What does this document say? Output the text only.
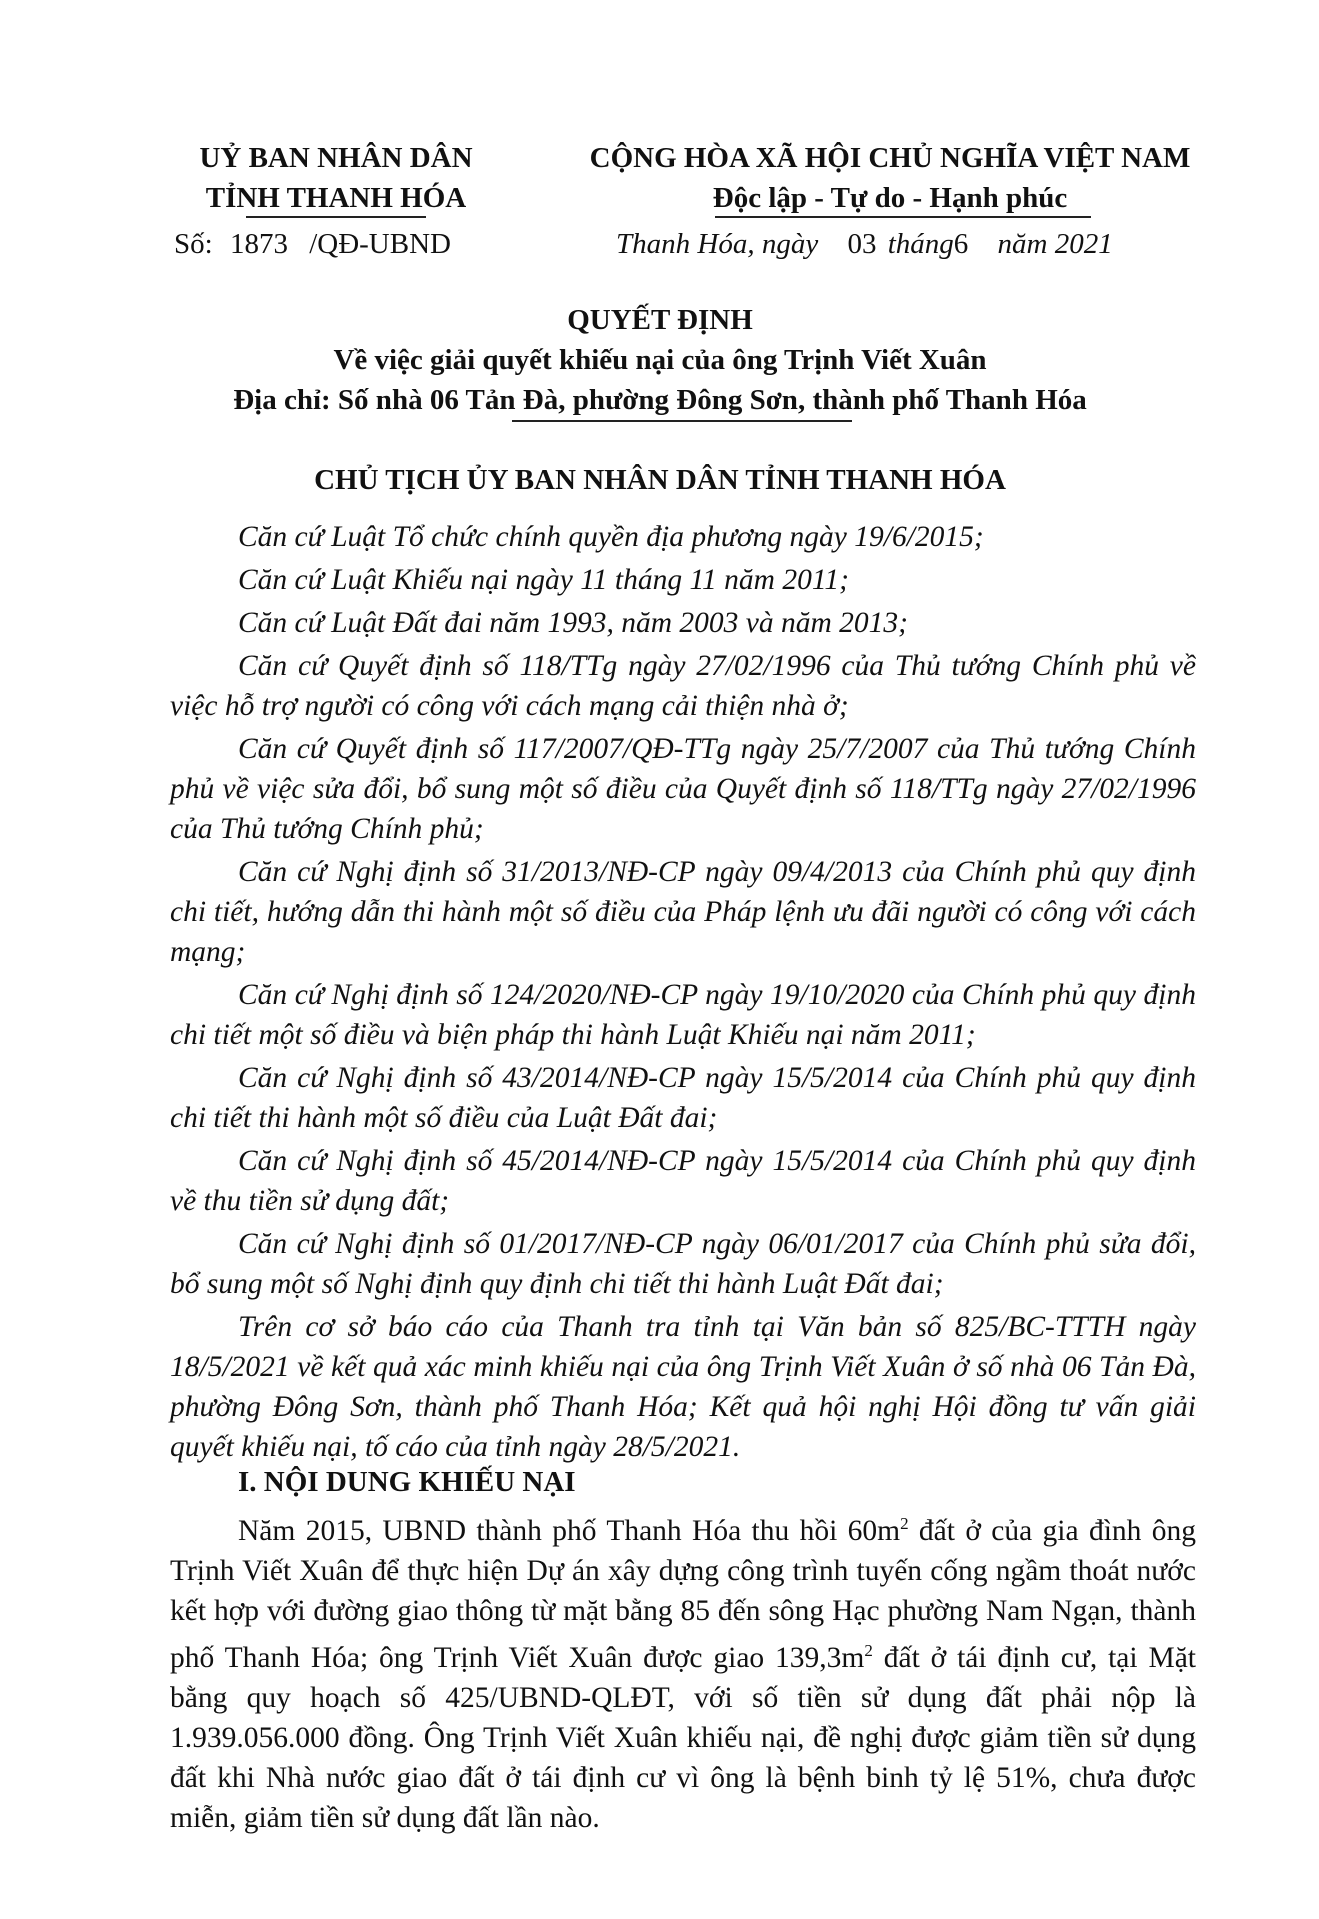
UỶ BAN NHÂN DÂN
TỈNH THANH HÓA
CỘNG HÒA XÃ HỘI CHỦ NGHĨA VIỆT NAM
Độc lập - Tự do - Hạnh phúc
Số: 1873 /QĐ-UBND	Thanh Hóa, ngày 03 tháng6 năm 2021
QUYẾT ĐỊNH
Về việc giải quyết khiếu nại của ông Trịnh Viết Xuân
Địa chỉ: Số nhà 06 Tản Đà, phường Đông Sơn, thành phố Thanh Hóa
CHỦ TỊCH ỦY BAN NHÂN DÂN TỈNH THANH HÓA

Căn cứ Luật Tổ chức chính quyền địa phương ngày 19/6/2015;

Căn cứ Luật Khiếu nại ngày 11 tháng 11 năm 2011;

Căn cứ Luật Đất đai năm 1993, năm 2003 và năm 2013;

Căn cứ Quyết định số 118/TTg ngày 27/02/1996 của Thủ tướng Chính phủ về việc hỗ trợ người có công với cách mạng cải thiện nhà ở;

Căn cứ Quyết định số 117/2007/QĐ-TTg ngày 25/7/2007 của Thủ tướng Chính phủ về việc sửa đổi, bổ sung một số điều của Quyết định số 118/TTg ngày 27/02/1996 của Thủ tướng Chính phủ;

Căn cứ Nghị định số 31/2013/NĐ-CP ngày 09/4/2013 của Chính phủ quy định chi tiết, hướng dẫn thi hành một số điều của Pháp lệnh ưu đãi người có công với cách mạng;

Căn cứ Nghị định số 124/2020/NĐ-CP ngày 19/10/2020 của Chính phủ quy định chi tiết một số điều và biện pháp thi hành Luật Khiếu nại năm 2011;

Căn cứ Nghị định số 43/2014/NĐ-CP ngày 15/5/2014 của Chính phủ quy định chi tiết thi hành một số điều của Luật Đất đai;

Căn cứ Nghị định số 45/2014/NĐ-CP ngày 15/5/2014 của Chính phủ quy định về thu tiền sử dụng đất;

Căn cứ Nghị định số 01/2017/NĐ-CP ngày 06/01/2017 của Chính phủ sửa đổi, bổ sung một số Nghị định quy định chi tiết thi hành Luật Đất đai;

Trên cơ sở báo cáo của Thanh tra tỉnh tại Văn bản số 825/BC-TTTH ngày 18/5/2021 về kết quả xác minh khiếu nại của ông Trịnh Viết Xuân ở số nhà 06 Tản Đà, phường Đông Sơn, thành phố Thanh Hóa; Kết quả hội nghị Hội đồng tư vấn giải quyết khiếu nại, tố cáo của tỉnh ngày 28/5/2021.

I. NỘI DUNG KHIẾU NẠI

Năm 2015, UBND thành phố Thanh Hóa thu hồi $60m^2$ đất ở của gia đình ông Trịnh Viết Xuân để thực hiện Dự án xây dựng công trình tuyến cống ngầm thoát nước kết hợp với đường giao thông từ mặt bằng 85 đến sông Hạc phường Nam Ngạn, thành phố Thanh Hóa; ông Trịnh Viết Xuân được giao $139,3m^2$ đất ở tái định cư, tại Mặt bằng quy hoạch số 425/UBND-QLĐT, với số tiền sử dụng đất phải nộp là 1.939.056.000 đồng. Ông Trịnh Viết Xuân khiếu nại, đề nghị được giảm tiền sử dụng đất khi Nhà nước giao đất ở tái định cư vì ông là bệnh binh tỷ lệ 51%, chưa được miễn, giảm tiền sử dụng đất lần nào.
